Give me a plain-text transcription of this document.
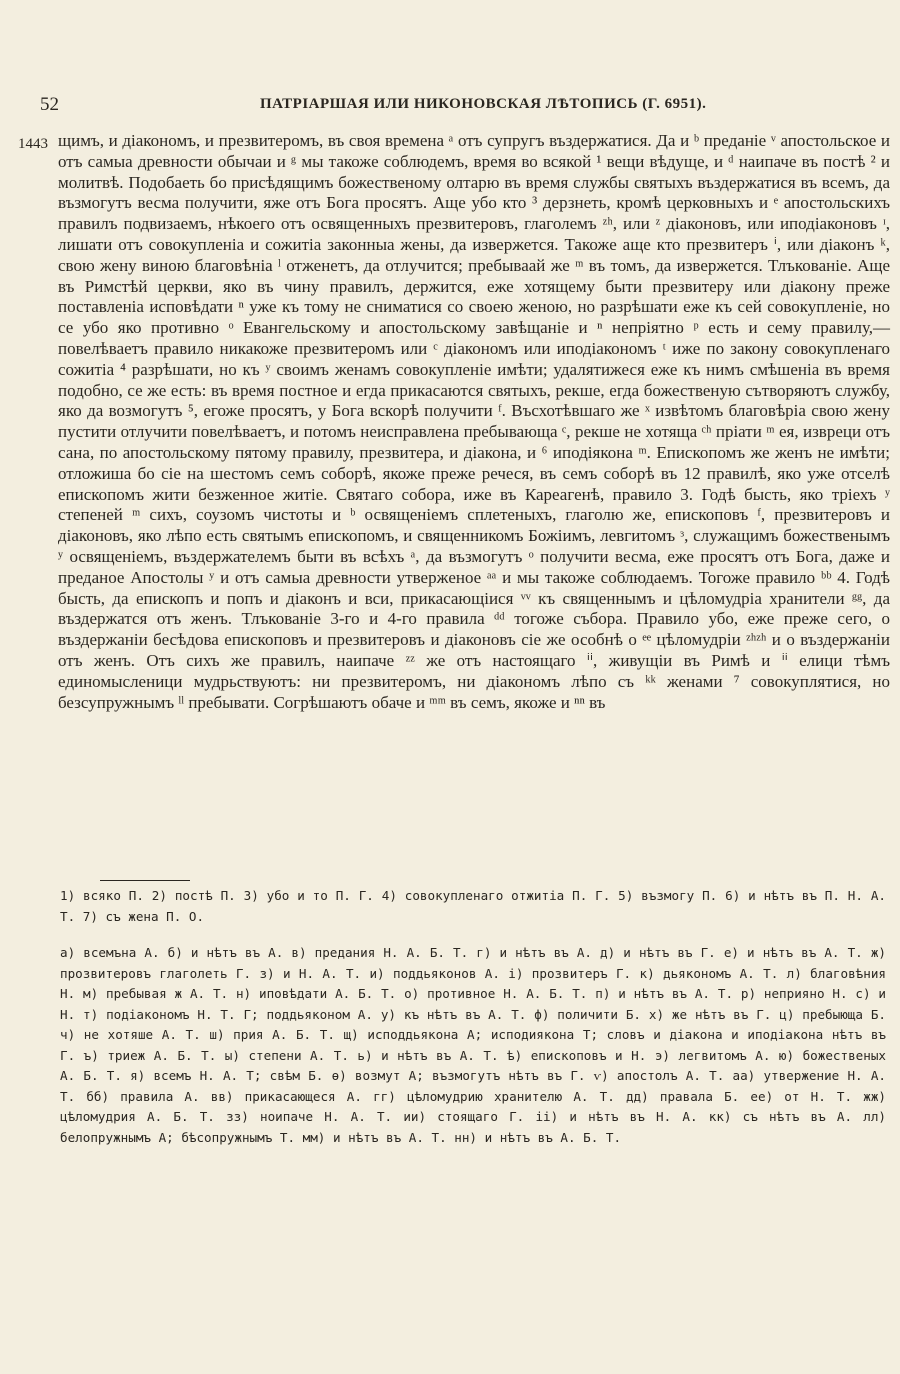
52	ПАТРІАРШАЯ ИЛИ НИКОНОВСКАЯ ЛѢТОПИСЬ (Г. 6951).
1443 щимъ, и діакономъ, и презвитеромъ, въ своя времена ᵃ отъ супругъ въздержатися. Да и ᵇ преданіе ᵛ апостольское и отъ самыа древности обычаи и ᵍ мы такожe соблюдемъ, время во всякой ¹ вещи вѣдуще, и ᵈ наипаче въ постѣ ² и молитвѣ. Подобаеть бо присѣдящимъ божественому олтарю въ время службы святыхъ въздержатися въ всемъ, да възмогутъ весма получити, яже отъ Бога просятъ. Аще убо кто ³ дерзнеть, кромѣ церковныхъ и ᵉ апостольскихъ правилъ подвизаемъ, нѣкоего отъ освященныхъ презвитеровъ, глаголемъ ᶻʰ, или ᶻ діаконовъ, или иподіаконовъ ᶦ, лишати отъ совокупленіа и сожитіа законныа жены, да извержется. Такожe аще кто презвитеръ ⁱ, или діаконъ ᵏ, свою жену виною благовѣніа ˡ отженетъ, да отлучится; пребываай же ᵐ въ томъ, да извержется. Тлъкованіе. Аще въ Римстѣй церкви, яко въ чину правилъ, держится, еже хотящему быти презвитеру или діакону преже поставленіа исповѣдати ⁿ уже къ тому не сниматися со своею женою, но разрѣшати еже къ сей совокупленіе, но се убо яко противно ᵒ Евангельскому и апостольскому завѣщаніе и ⁿ непріятно ᵖ есть и сему правилу,—повелѣваетъ правило никакоже презвитеромъ или ᶜ діакономъ или иподіакономъ ᵗ иже по закону совокупленаго сожитіа ⁴ разрѣшати, но къ ʸ своимъ женамъ совокупленіе имѣти; удалятижеся еже къ нимъ смѣшеніа въ время подобно, се же есть: въ время постное и егда прикасаются святыхъ, рекше, егда божественую сътворяютъ службу, яко да возмогутъ ⁵, егоже просятъ, у Бога вскорѣ получити ᶠ. Въсхотѣвшаго же ˣ извѣтомъ благовѣріа свою жену пустити отлучити повелѣваетъ, и потомъ неисправлена пребывающа ᶜ, рекше не хотяща ᶜʰ пріати ᵐ ея, извреци отъ сана, по апостольскому пятому правилу, презвитера, и діакона, и ⁶ иподіякона ᵐ. Епископомъ же женъ не имѣти; отложиша бо сіе на шестомъ семъ соборѣ, якоже преже речеся, въ семъ соборѣ въ 12 правилѣ, яко уже отселѣ епископомъ жити безженное житіе. Святаго собора, иже въ Кареагенѣ, правило 3. Годѣ бысть, яко тріехъ ʸ степеней ᵐ сихъ, соузомъ чистоты и ᵇ освященіемъ сплетеныхъ, глаголю же, епископовъ ᶠ, презвитеровъ и діаконовъ, яко лѣпо есть святымъ епископомъ, и священникомъ Божіимъ, левгитомъ ᶟ, служащимъ божественымъ ʸ освященіемъ, въздержателемъ быти въ всѣхъ ᵃ, да възмогутъ ᵒ получити весма, еже просятъ отъ Бога, даже и преданое Апостолы ʸ и отъ самыа древности утвержeное ᵃᵃ и мы такожe соблюдаемъ. Тогожe правило ᵇᵇ 4. Годѣ бысть, да епископъ и попъ и діаконъ и вси, прикасающіися ᵛᵛ къ священнымъ и цѣломудріа хранители ᵍᵍ, да въздержатся отъ женъ. Тлъкованіе 3-го и 4-го правила ᵈᵈ тогожe събора. Правило убо, еже преже сего, о въздержаніи бесѣдова епископовъ и презвитеровъ и діаконовъ сіе же особнѣ о ᵉᵉ цѣломудріи ᶻʰᶻʰ и о въздержаніи отъ женъ. Отъ сихъ же правилъ, наипаче ᶻᶻ же отъ настоящаго ⁱⁱ, живущіи въ Римѣ и ⁱⁱ елици тѣмъ единомысленици мудрьствуютъ: ни презвитеромъ, ни діакономъ лѣпо съ ᵏᵏ женами ⁷ совокуплятися, но безсупружнымъ ˡˡ пребывати. Согрѣшаютъ обаче и ᵐᵐ въ семъ, якоже и ⁿⁿ въ

1) всяко П. 2) постѣ П. 3) убо и то П. Г. 4) совокупленаго отжитіа П. Г. 5) възмогу П. 6) и нѣтъ въ П. Н. А. Т. 7) съ жена П. О.

а) всемъна А. б) и нѣтъ въ А. в) предания Н. А. Б. Т. г) и нѣтъ въ А. д) и нѣтъ въ Г. е) и нѣтъ въ А. Т. ж) прозвитеровъ глаголеть Г. з) и Н. А. Т. и) поддьяконов А. і) прозвитеръ Г. к) дьякономъ А. Т. л) благовѣния Н. м) пребывая ж А. Т. н) иповѣдати А. Б. Т. о) противное Н. А. Б. Т. п) и нѣтъ въ А. Т. р) неприяно Н. с) и Н. т) подіакономъ Н. Т. Г; поддьяконом А. у) къ нѣтъ въ А. Т. ф) поличити Б. х) же нѣтъ въ Г. ц) пребыюща Б. ч) не хотяше А. Т. ш) прия А. Б. Т. щ) исподдьякона А; исподиякона Т; словъ и діакона и иподіакона нѣтъ въ Г. ъ) триеж А. Б. Т. ы) степени А. Т. ь) и нѣтъ въ А. Т. ѣ) епископовъ и Н. э) легвитомъ А. ю) божественых А. Б. Т. я) всемъ Н. А. Т; свѣм Б. ѳ) возмут А; възмогутъ нѣтъ въ Г. ѵ) апостолъ А. Т. аа) утвержение Н. А. Т. бб) правила А. вв) прикасающеся А. гг) цѣломудрию хранителю А. Т. дд) правала Б. ее) от Н. Т. жж) цѣломудрия А. Б. Т. зз) ноипаче Н. А. Т. ии) стоящаго Г. іі) и нѣтъ въ Н. А. кк) съ нѣтъ въ А. лл) белопружнымъ А; бѣсопружнымъ Т. мм) и нѣтъ въ А. Т. нн) и нѣтъ въ А. Б. Т.
